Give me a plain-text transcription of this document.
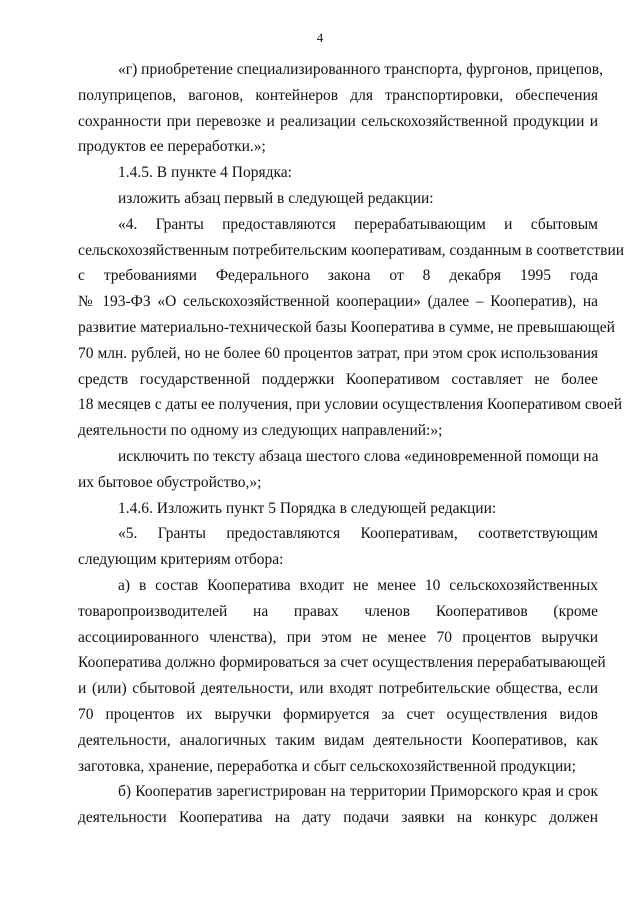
4
«г) приобретение специализированного транспорта, фургонов, прицепов,
полуприцепов, вагонов, контейнеров для транспортировки, обеспечения
сохранности при перевозке и реализации сельскохозяйственной продукции и
продуктов ее переработки.»;
1.4.5. В пункте 4 Порядка:
изложить абзац первый в следующей редакции:
«4. Гранты предоставляются перерабатывающим и сбытовым
сельскохозяйственным потребительским кооперативам, созданным в соответствии
с требованиями Федерального закона от 8 декабря 1995 года
№ 193-ФЗ «О сельскохозяйственной кооперации» (далее – Кооператив), на
развитие материально-технической базы Кооператива в сумме, не превышающей
70 млн. рублей, но не более 60 процентов затрат, при этом срок использования
средств государственной поддержки Кооперативом составляет не более
18 месяцев с даты ее получения, при условии осуществления Кооперативом своей
деятельности по одному из следующих направлений:»;
исключить по тексту абзаца шестого слова «единовременной помощи на
их бытовое обустройство,»;
1.4.6. Изложить пункт 5 Порядка в следующей редакции:
«5. Гранты предоставляются Кооперативам, соответствующим
следующим критериям отбора:
а) в состав Кооператива входит не менее 10 сельскохозяйственных
товаропроизводителей на правах членов Кооперативов (кроме
ассоциированного членства), при этом не менее 70 процентов выручки
Кооператива должно формироваться за счет осуществления перерабатывающей
и (или) сбытовой деятельности, или входят потребительские общества, если
70 процентов их выручки формируется за счет осуществления видов
деятельности, аналогичных таким видам деятельности Кооперативов, как
заготовка, хранение, переработка и сбыт сельскохозяйственной продукции;
б) Кооператив зарегистрирован на территории Приморского края и срок
деятельности Кооператива на дату подачи заявки на конкурс должен
